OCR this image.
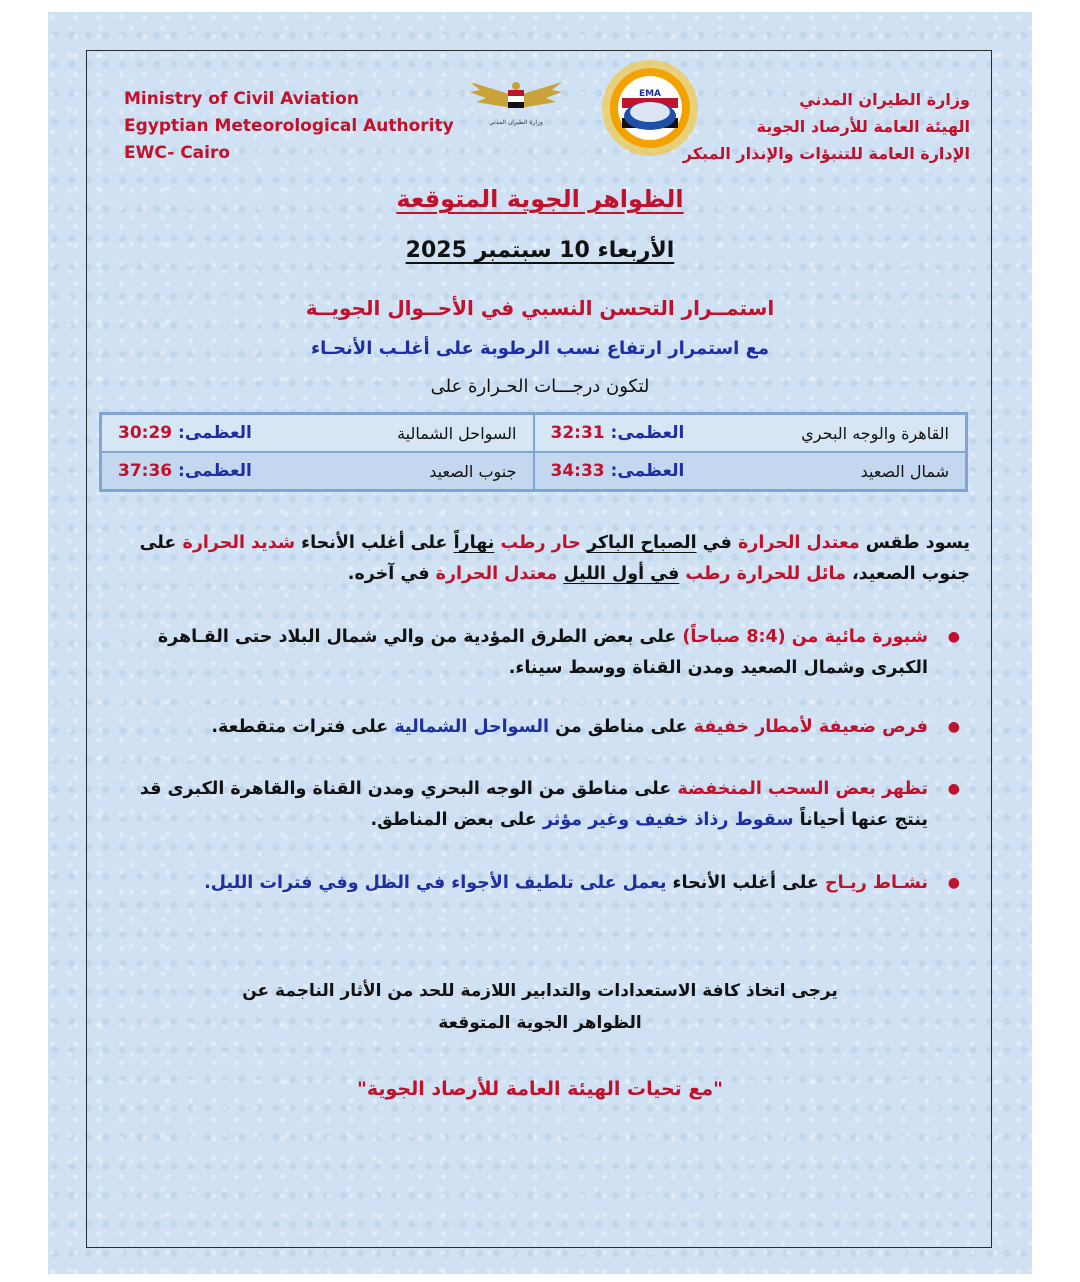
Ministry of Civil Aviation
Egyptian Meteorological Authority
EWC- Cairo
وزارة الطيران المدني
EMA	وزارة الطيران المدني
الهيئة العامة للأرصاد الجوية
الإدارة العامة للتنبؤات والإنذار المبكر
الظواهر الجوية المتوقعة
الأربعاء 10 سبتمبر 2025
استمــرار التحسن النسبي في الأحــوال الجويــة
مع استمرار ارتفاع نسب الرطوبة على أغلـب الأنحـاء
لتكون درجـــات الحـرارة على
القاهرة والوجه البحري
العظمى: 32:31
السواحل الشمالية
العظمى: 30:29
شمال الصعيد
العظمى: 34:33
جنوب الصعيد
العظمى: 37:36
يسود طقس معتدل الحرارة في الصباح الباكر حار رطب نهاراً على أغلب الأنحاء شديد الحرارة على جنوب الصعيد، مائل للحرارة رطب في أول الليل معتدل الحرارة في آخره.
●
شبورة مائية من (8:4 صباحاً) على بعض الطرق المؤدية من والي شمال البلاد حتى القـاهرة الكبرى وشمال الصعيد ومدن القناة ووسط سيناء.
●
فرص ضعيفة لأمطار خفيفة على مناطق من السواحل الشمالية على فترات متقطعة.
●
تظهر بعض السحب المنخفضة على مناطق من الوجه البحري ومدن القناة والقاهرة الكبرى قد ينتج عنها أحياناً سقوط رذاذ خفيف وغير مؤثر على بعض المناطق.
●
نشـاط ريـاح على أغلب الأنحاء يعمل على تلطيف الأجواء في الظل وفي فترات الليل.
يرجى اتخاذ كافة الاستعدادات والتدابير اللازمة للحد من الأثار الناجمة عن
الظواهر الجوية المتوقعة
"مع تحيات الهيئة العامة للأرصاد الجوية"
